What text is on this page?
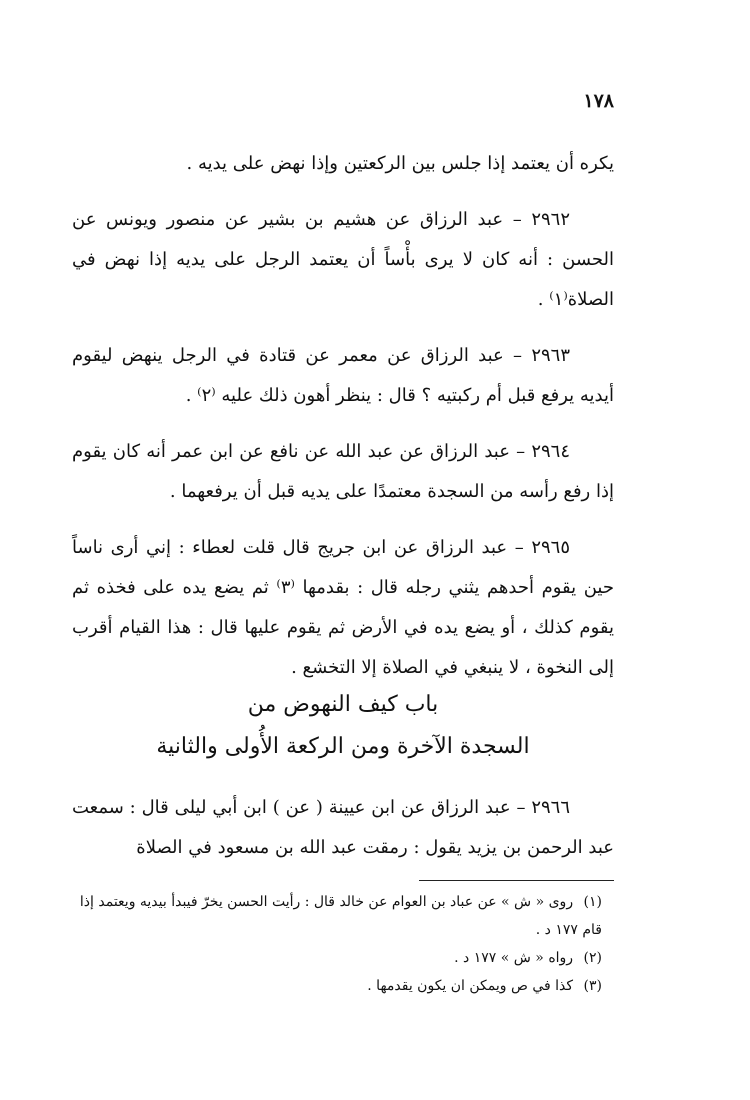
١٧٨

يكره أن يعتمد إذا جلس بين الركعتين وإذا نهض على يديه .

٢٩٦٢ – عبد الرزاق عن هشيم بن بشير عن منصور ويونس عن الحسن : أنه كان لا يرى بأْساً أن يعتمد الرجل على يديه إذا نهض في الصلاة⁽١⁾ .

٢٩٦٣ – عبد الرزاق عن معمر عن قتادة في الرجل ينهض ليقوم أيديه يرفع قبل أم ركبتيه ؟ قال : ينظر أهون ذلك عليه ⁽٢⁾ .

٢٩٦٤ – عبد الرزاق عن عبد الله عن نافع عن ابن عمر أنه كان يقوم إذا رفع رأسه من السجدة معتمدًا على يديه قبل أن يرفعهما .

٢٩٦٥ – عبد الرزاق عن ابن جريج قال قلت لعطاء : إني أرى ناساً حين يقوم أحدهم يثني رجله قال : بقدمها ⁽٣⁾ ثم يضع يده على فخذه ثم يقوم كذلك ، أو يضع يده في الأرض ثم يقوم عليها قال : هذا القيام أقرب إلى النخوة ، لا ينبغي في الصلاة إلا التخشع .

باب كيف النهوض من
السجدة الآخرة ومن الركعة الأُولى والثانية

٢٩٦٦ – عبد الرزاق عن ابن عيينة ( عن ) ابن أبي ليلى قال : سمعت عبد الرحمن بن يزيد يقول : رمقت عبد الله بن مسعود في الصلاة

(١) روى « ش » عن عباد بن العوام عن خالد قال : رأيت الحسن يخرّ فيبدأ بيديه ويعتمد إذا قام ١٧٧ د .

(٢) رواه « ش » ١٧٧ د .

(٣) كذا في ص ويمكن ان يكون يقدمها .
